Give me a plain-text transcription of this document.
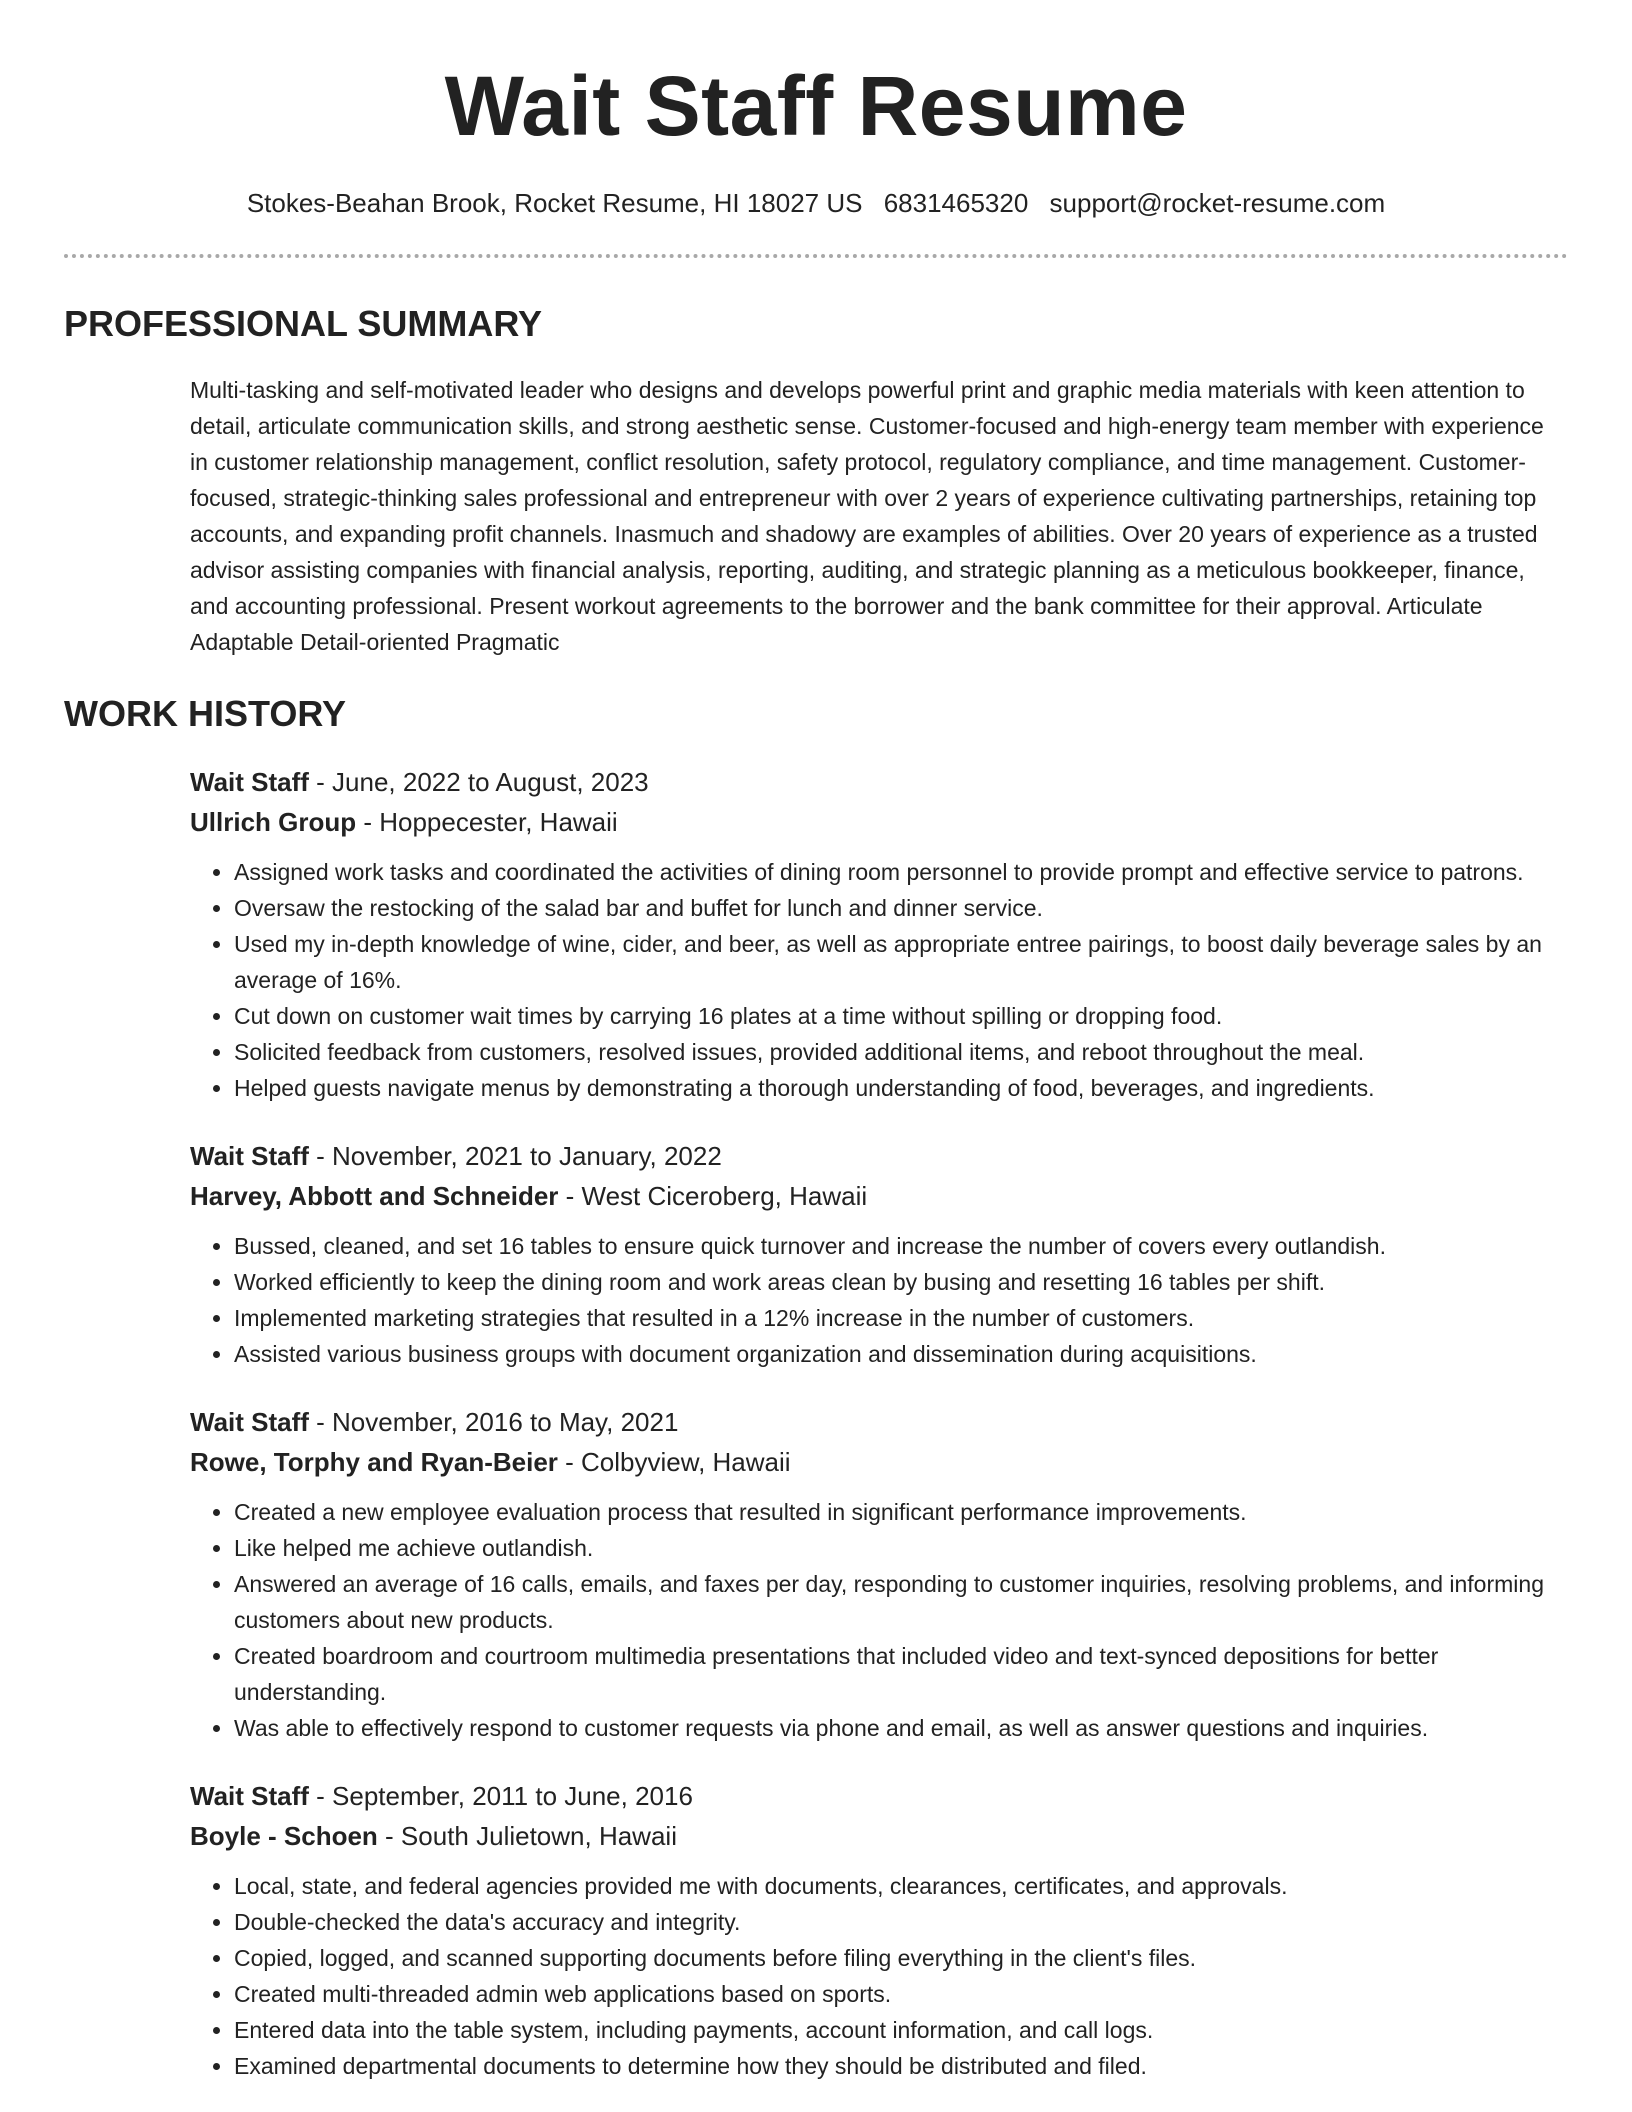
Wait Staff Resume
Stokes-Beahan Brook, Rocket Resume, HI 18027 US 6831465320 support@rocket-resume.com
PROFESSIONAL SUMMARY
Multi-tasking and self-motivated leader who designs and develops powerful print and graphic media materials with keen attention to detail, articulate communication skills, and strong aesthetic sense. Customer-focused and high-energy team member with experience in customer relationship management, conflict resolution, safety protocol, regulatory compliance, and time management. Customer-focused, strategic-thinking sales professional and entrepreneur with over 2 years of experience cultivating partnerships, retaining top accounts, and expanding profit channels. Inasmuch and shadowy are examples of abilities. Over 20 years of experience as a trusted advisor assisting companies with financial analysis, reporting, auditing, and strategic planning as a meticulous bookkeeper, finance, and accounting professional. Present workout agreements to the borrower and the bank committee for their approval. Articulate Adaptable Detail-oriented Pragmatic
WORK HISTORY
Wait Staff - June, 2022 to August, 2023
Ullrich Group - Hoppecester, Hawaii
• Assigned work tasks and coordinated the activities of dining room personnel to provide prompt and effective service to patrons.
• Oversaw the restocking of the salad bar and buffet for lunch and dinner service.
• Used my in-depth knowledge of wine, cider, and beer, as well as appropriate entree pairings, to boost daily beverage sales by an average of 16%.
• Cut down on customer wait times by carrying 16 plates at a time without spilling or dropping food.
• Solicited feedback from customers, resolved issues, provided additional items, and reboot throughout the meal.
• Helped guests navigate menus by demonstrating a thorough understanding of food, beverages, and ingredients.
Wait Staff - November, 2021 to January, 2022
Harvey, Abbott and Schneider - West Ciceroberg, Hawaii
• Bussed, cleaned, and set 16 tables to ensure quick turnover and increase the number of covers every outlandish.
• Worked efficiently to keep the dining room and work areas clean by busing and resetting 16 tables per shift.
• Implemented marketing strategies that resulted in a 12% increase in the number of customers.
• Assisted various business groups with document organization and dissemination during acquisitions.
Wait Staff - November, 2016 to May, 2021
Rowe, Torphy and Ryan-Beier - Colbyview, Hawaii
• Created a new employee evaluation process that resulted in significant performance improvements.
• Like helped me achieve outlandish.
• Answered an average of 16 calls, emails, and faxes per day, responding to customer inquiries, resolving problems, and informing customers about new products.
• Created boardroom and courtroom multimedia presentations that included video and text-synced depositions for better understanding.
• Was able to effectively respond to customer requests via phone and email, as well as answer questions and inquiries.
Wait Staff - September, 2011 to June, 2016
Boyle - Schoen - South Julietown, Hawaii
• Local, state, and federal agencies provided me with documents, clearances, certificates, and approvals.
• Double-checked the data's accuracy and integrity.
• Copied, logged, and scanned supporting documents before filing everything in the client's files.
• Created multi-threaded admin web applications based on sports.
• Entered data into the table system, including payments, account information, and call logs.
• Examined departmental documents to determine how they should be distributed and filed.
